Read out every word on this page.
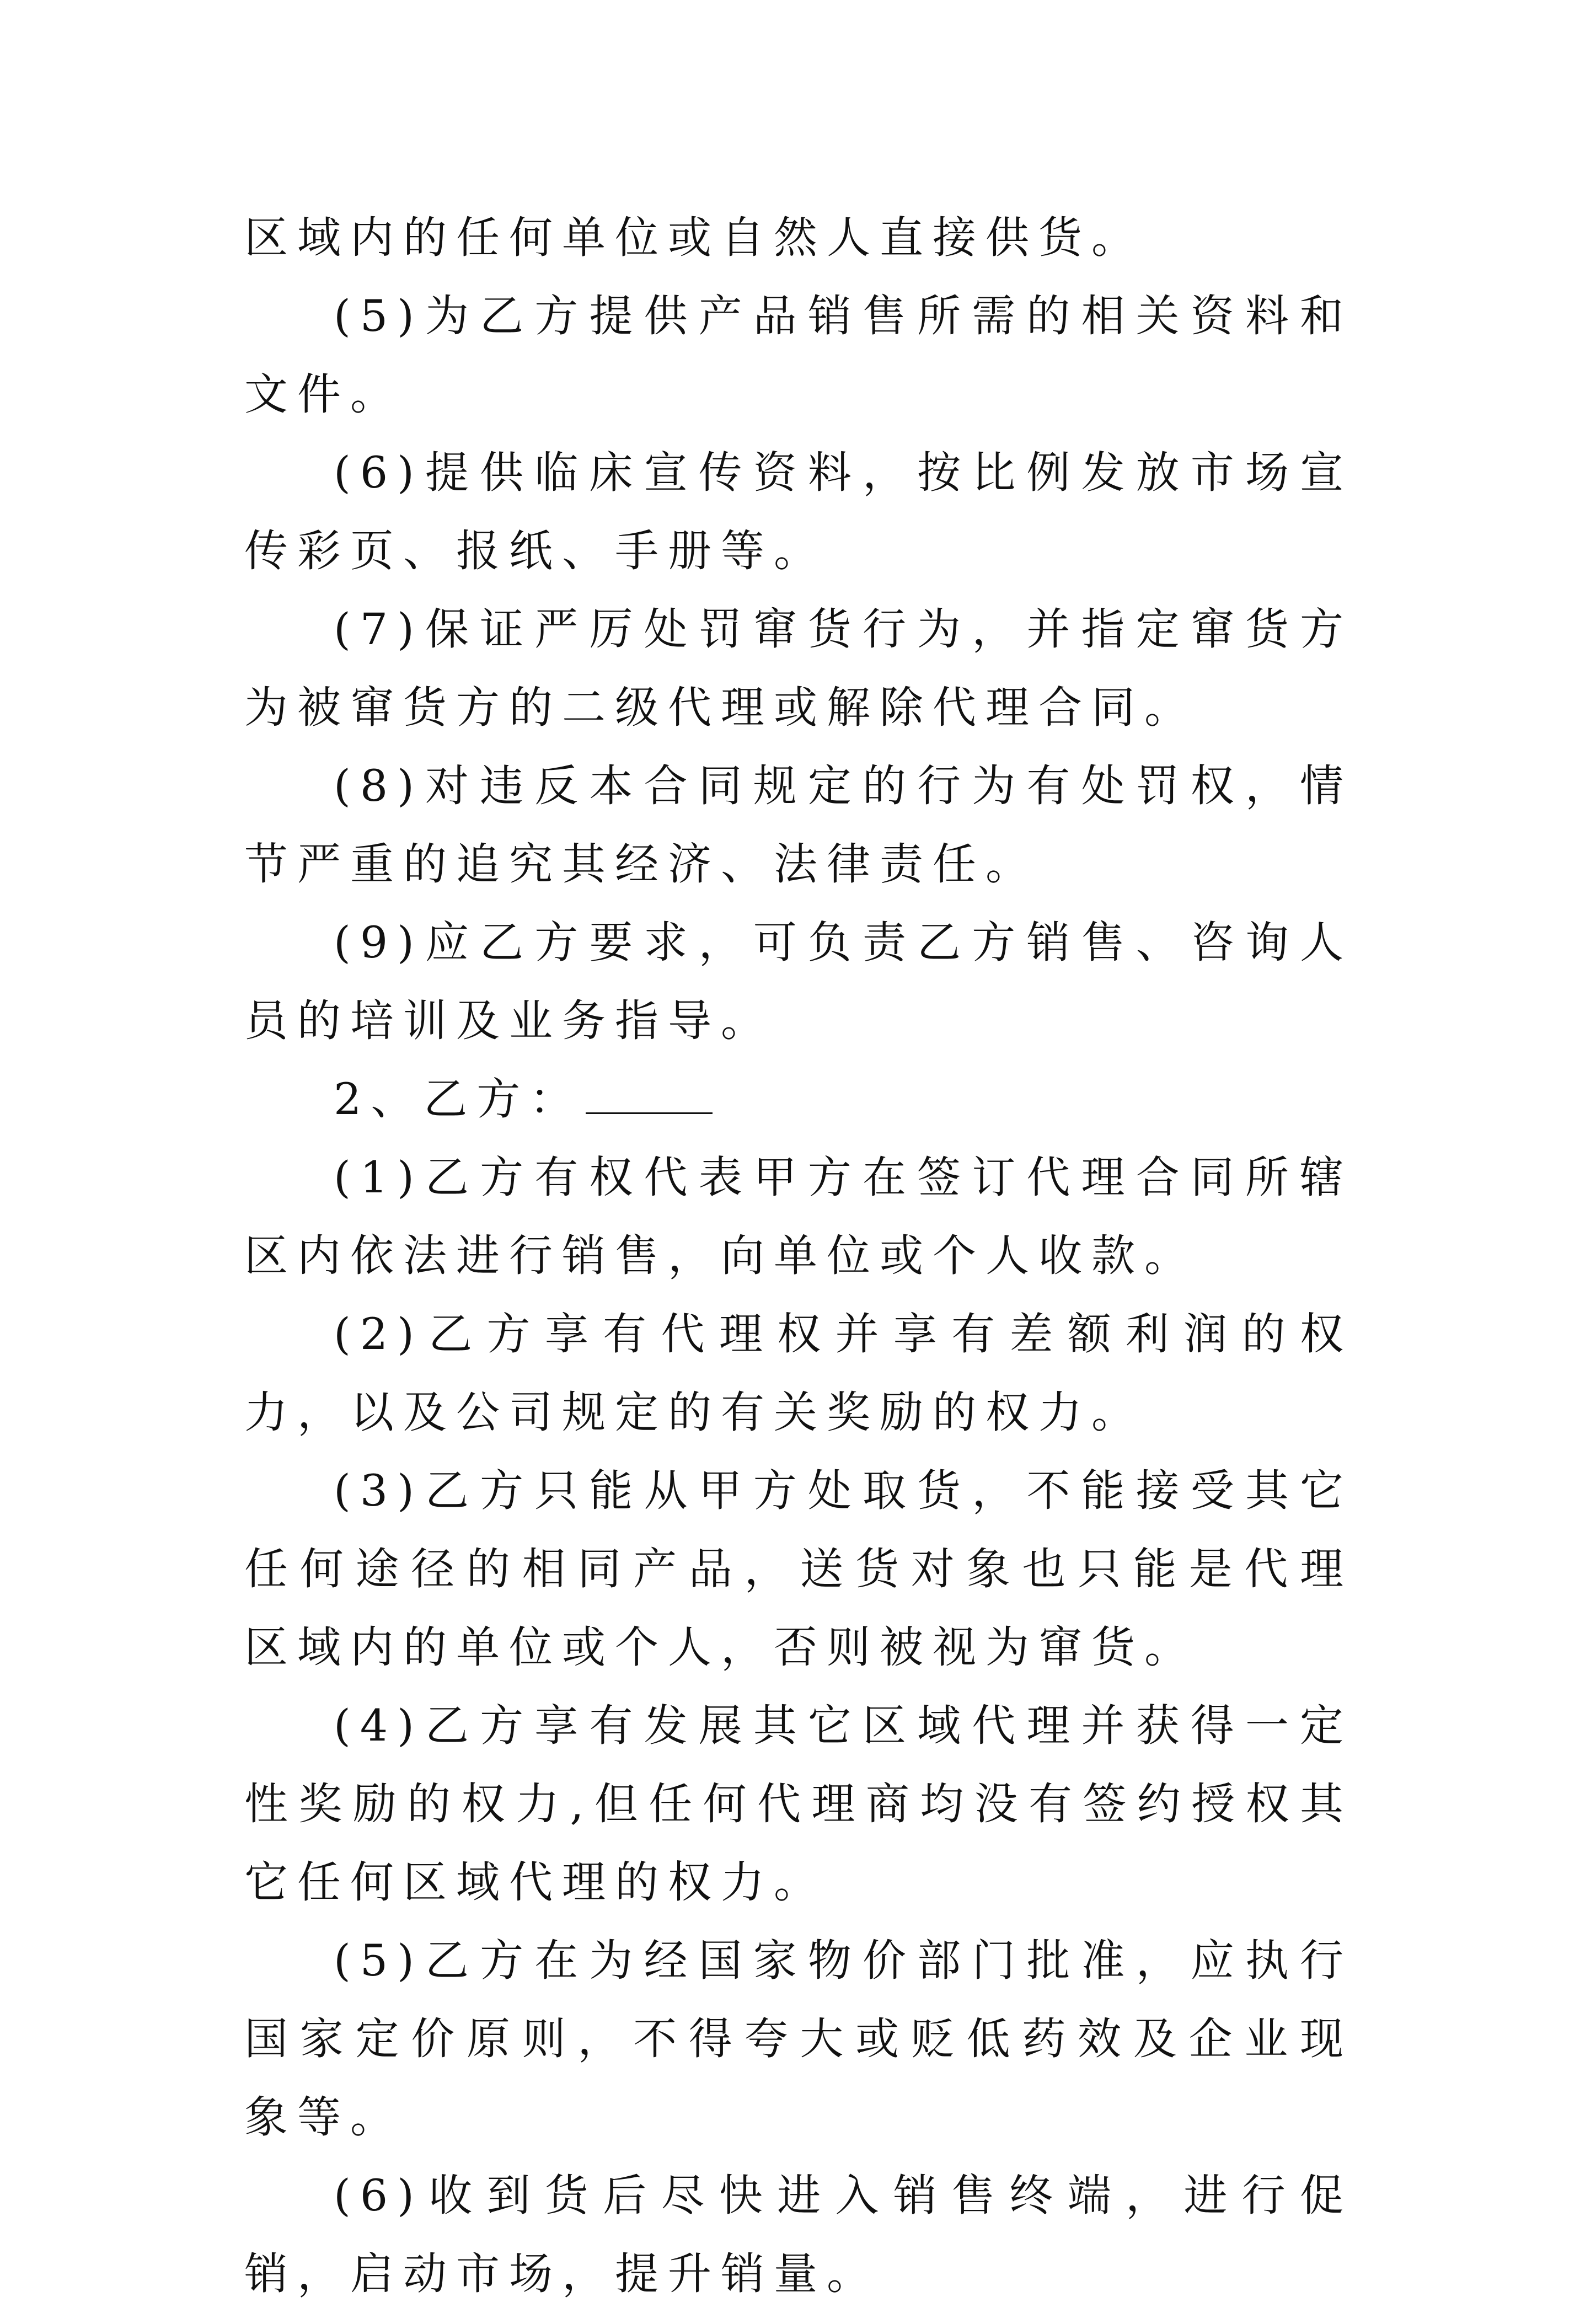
区域内的任何单位或自然人直接供货。

(5)为乙方提供产品销售所需的相关资料和文件。

(6)提供临床宣传资料，按比例发放市场宣传彩页、报纸、手册等。

(7)保证严厉处罚窜货行为，并指定窜货方为被窜货方的二级代理或解除代理合同。

(8)对违反本合同规定的行为有处罚权，情节严重的追究其经济、法律责任。

(9)应乙方要求，可负责乙方销售、咨询人员的培训及业务指导。

2、乙方：

(1)乙方有权代表甲方在签订代理合同所辖区内依法进行销售，向单位或个人收款。

(2)乙方享有代理权并享有差额利润的权力，以及公司规定的有关奖励的权力。

(3)乙方只能从甲方处取货，不能接受其它任何途径的相同产品，送货对象也只能是代理区域内的单位或个人，否则被视为窜货。

(4)乙方享有发展其它区域代理并获得一定性奖励的权力,但任何代理商均没有签约授权其它任何区域代理的权力。

(5)乙方在为经国家物价部门批准，应执行国家定价原则，不得夸大或贬低药效及企业现象等。

(6)收到货后尽快进入销售终端，进行促销，启动市场，提升销量。
